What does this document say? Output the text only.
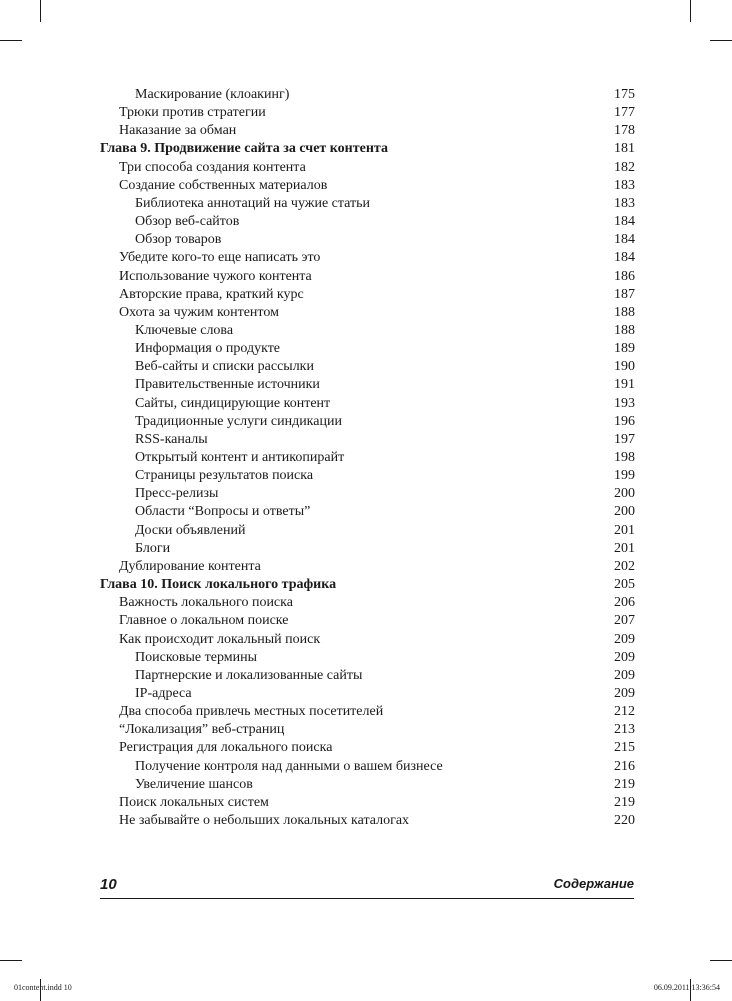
Маскирование (клоакинг)	175
Трюки против стратегии	177
Наказание за обман	178
Глава 9. Продвижение сайта за счет контента	181
Три способа создания контента	182
Создание собственных материалов	183
Библиотека аннотаций на чужие статьи	183
Обзор веб-сайтов	184
Обзор товаров	184
Убедите кого-то еще написать это	184
Использование чужого контента	186
Авторские права, краткий курс	187
Охота за чужим контентом	188
Ключевые слова	188
Информация о продукте	189
Веб-сайты и списки рассылки	190
Правительственные источники	191
Сайты, синдицирующие контент	193
Традиционные услуги синдикации	196
RSS-каналы	197
Открытый контент и антикопирайт	198
Страницы результатов поиска	199
Пресс-релизы	200
Области “Вопросы и ответы”	200
Доски объявлений	201
Блоги	201
Дублирование контента	202
Глава 10. Поиск локального трафика	205
Важность локального поиска	206
Главное о локальном поиске	207
Как происходит локальный поиск	209
Поисковые термины	209
Партнерские и локализованные сайты	209
IP-адреса	209
Два способа привлечь местных посетителей	212
“Локализация” веб-страниц	213
Регистрация для локального поиска	215
Получение контроля над данными о вашем бизнесе	216
Увеличение шансов	219
Поиск локальных систем	219
Не забывайте о небольших локальных каталогах	220
10	Содержание
01content.indd 10	06.09.2011 13:36:54
